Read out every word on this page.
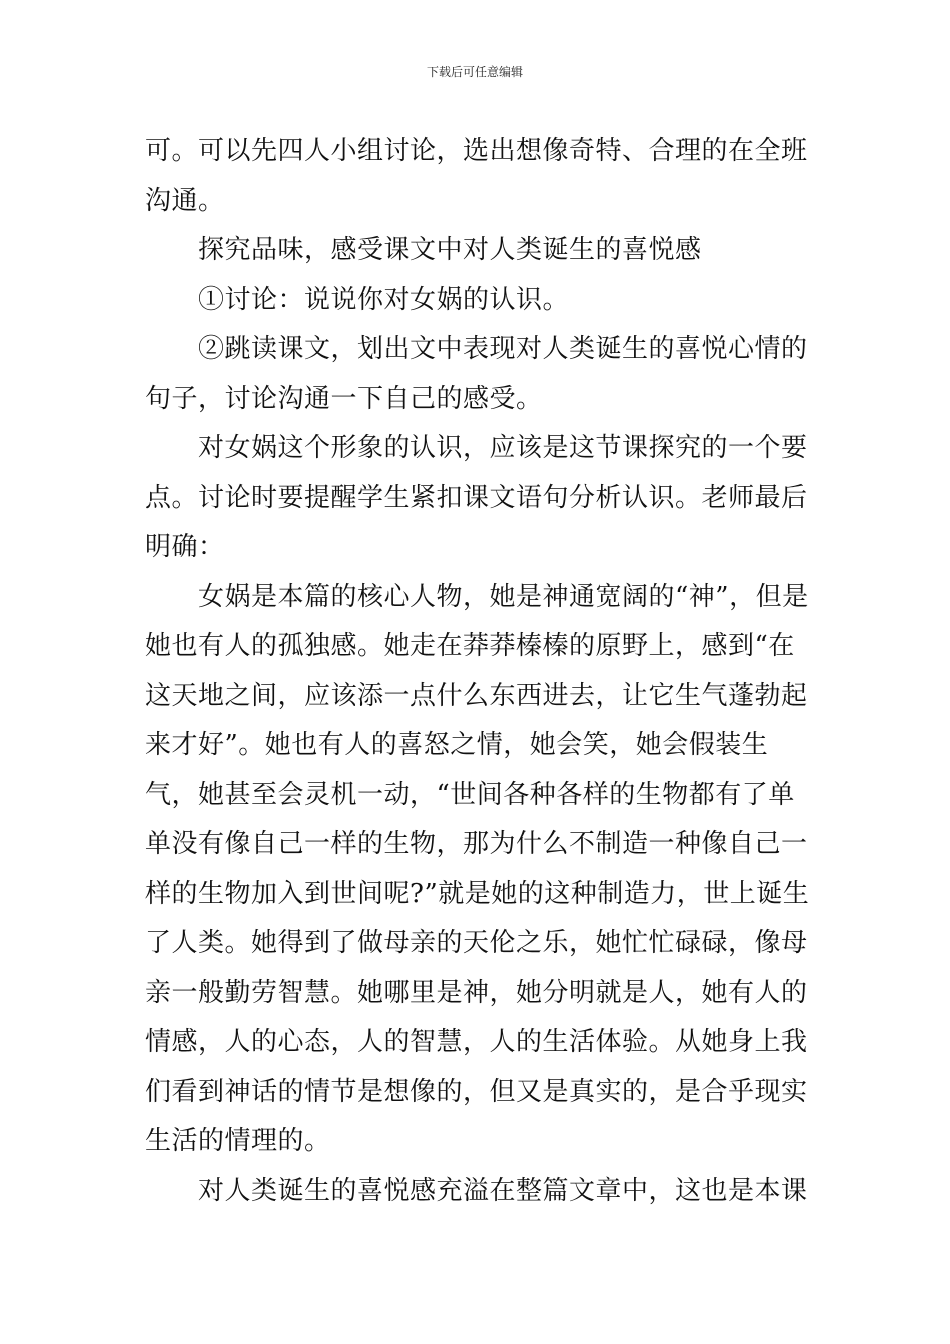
下载后可任意编辑

可。可以先四人小组讨论，选出想像奇特、合理的在全班沟通。

探究品味，感受课文中对人类诞生的喜悦感

①讨论：说说你对女娲的认识。

②跳读课文，划出文中表现对人类诞生的喜悦心情的句子，讨论沟通一下自己的感受。

对女娲这个形象的认识，应该是这节课探究的一个要点。讨论时要提醒学生紧扣课文语句分析认识。老师最后明确：

女娲是本篇的核心人物，她是神通宽阔的“神”，但是她也有人的孤独感。她走在莽莽榛榛的原野上，感到“在这天地之间，应该添一点什么东西进去，让它生气蓬勃起来才好”。她也有人的喜怒之情，她会笑，她会假装生气，她甚至会灵机一动，“世间各种各样的生物都有了单单没有像自己一样的生物，那为什么不制造一种像自己一样的生物加入到世间呢?”就是她的这种制造力，世上诞生了人类。她得到了做母亲的天伦之乐，她忙忙碌碌，像母亲一般勤劳智慧。她哪里是神，她分明就是人，她有人的情感，人的心态，人的智慧，人的生活体验。从她身上我们看到神话的情节是想像的，但又是真实的，是合乎现实生活的情理的。

对人类诞生的喜悦感充溢在整篇文章中，这也是本课
